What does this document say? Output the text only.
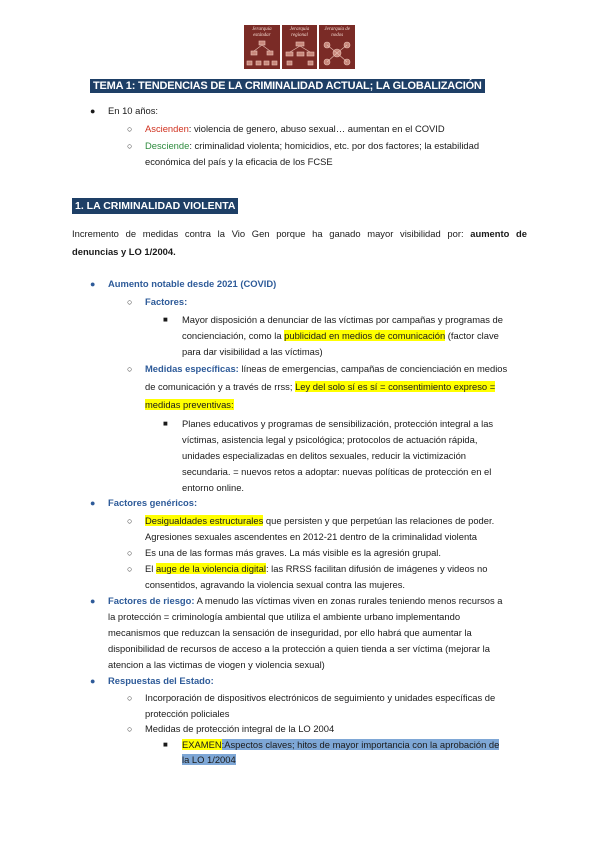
Jerarquía estándar
Jerarquía regional
Jerarquía de nodos
TEMA 1: TENDENCIAS DE LA CRIMINALIDAD ACTUAL; LA GLOBALIZACIÓN
● En 10 años:
○ Ascienden: violencia de genero, abuso sexual… aumentan en el COVID
○ Desciende: criminalidad violenta; homicidios, etc. por dos factores; la estabilidad
económica del país y la eficacia de los FCSE
1. LA CRIMINALIDAD VIOLENTA
Incremento de medidas contra la Vio Gen porque ha ganado mayor visibilidad por: aumento de
denuncias y LO 1/2004.
● Aumento notable desde 2021 (COVID)
○ Factores:
■ Mayor disposición a denunciar de las víctimas por campañas y programas de
concienciación, como la publicidad en medios de comunicación (factor clave
para dar visibilidad a las víctimas)
○ Medidas específicas: líneas de emergencias, campañas de concienciación en medios
de comunicación y a través de rrss; Ley del solo sí es sí = consentimiento expreso =
medidas preventivas:
■ Planes educativos y programas de sensibilización, protección integral a las
víctimas, asistencia legal y psicológica; protocolos de actuación rápida,
unidades especializadas en delitos sexuales, reducir la victimización
secundaria. = nuevos retos a adoptar: nuevas políticas de protección en el
entorno online.
● Factores genéricos:
○ Desigualdades estructurales que persisten y que perpetúan las relaciones de poder.
Agresiones sexuales ascendentes en 2012-21 dentro de la criminalidad violenta
○ Es una de las formas más graves. La más visible es la agresión grupal.
○ El auge de la violencia digital: las RRSS facilitan difusión de imágenes y videos no
consentidos, agravando la violencia sexual contra las mujeres.
● Factores de riesgo: A menudo las víctimas viven en zonas rurales teniendo menos recursos a
la protección = criminología ambiental que utiliza el ambiente urbano implementando
mecanismos que reduzcan la sensación de inseguridad, por ello habrá que aumentar la
disponibilidad de recursos de acceso a la protección a quien tienda a ser víctima (mejorar la
atencion a las victimas de viogen y violencia sexual)
● Respuestas del Estado:
○ Incorporación de dispositivos electrónicos de seguimiento y unidades específicas de
protección policiales
○ Medidas de protección integral de la LO 2004
■ EXAMEN:Aspectos claves; hitos de mayor importancia con la aprobación de
la LO 1/2004
